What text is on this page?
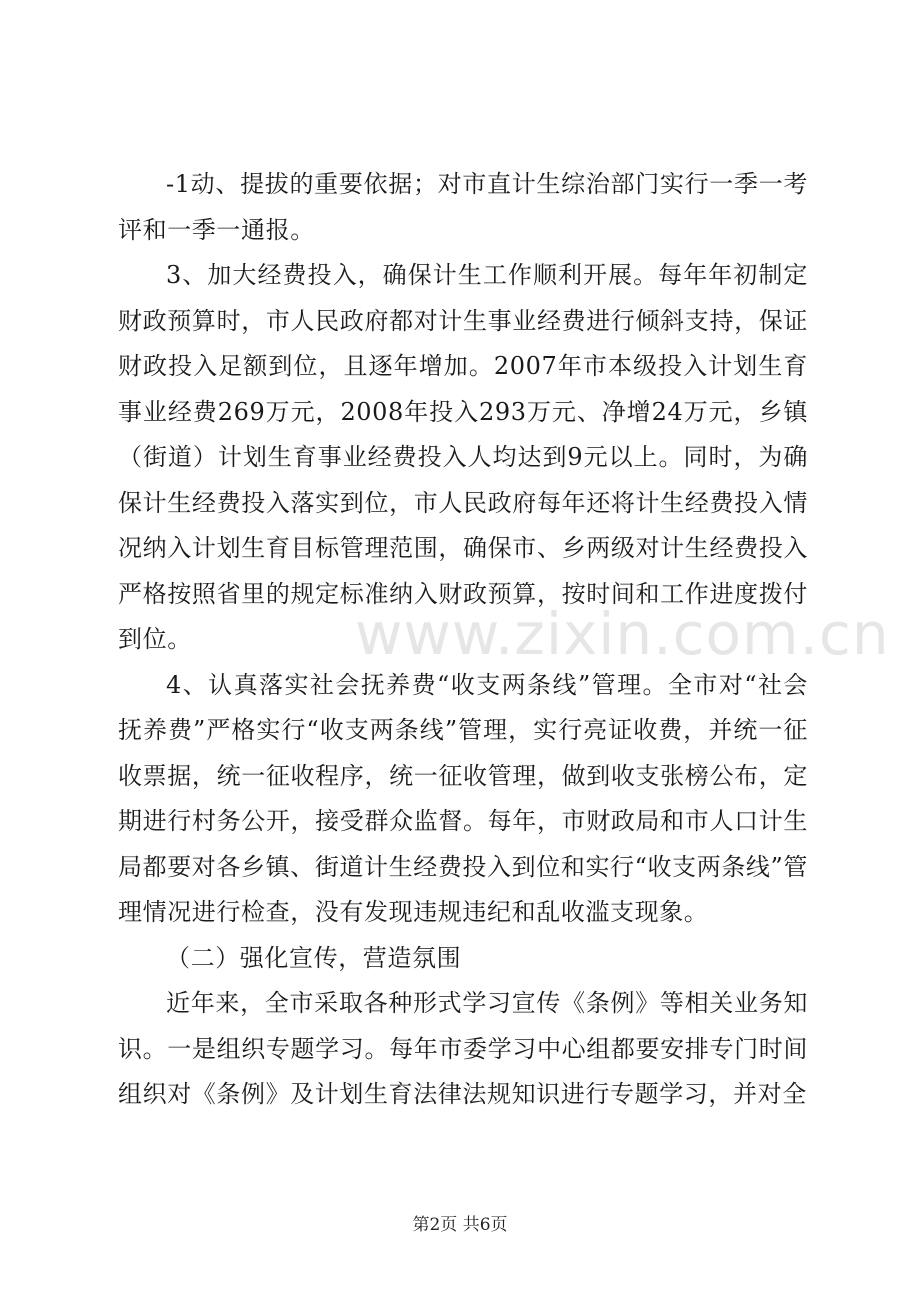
-1动、提拔的重要依据；对市直计生综治部门实行一季一考评和一季一通报。

3、加大经费投入，确保计生工作顺利开展。每年年初制定财政预算时，市人民政府都对计生事业经费进行倾斜支持，保证财政投入足额到位，且逐年增加。2007年市本级投入计划生育事业经费269万元，2008年投入293万元、净增24万元，乡镇（街道）计划生育事业经费投入人均达到9元以上。同时，为确保计生经费投入落实到位，市人民政府每年还将计生经费投入情况纳入计划生育目标管理范围，确保市、乡两级对计生经费投入严格按照省里的规定标准纳入财政预算，按时间和工作进度拨付到位。

4、认真落实社会抚养费“收支两条线”管理。全市对“社会抚养费”严格实行“收支两条线”管理，实行亮证收费，并统一征收票据，统一征收程序，统一征收管理，做到收支张榜公布，定期进行村务公开，接受群众监督。每年，市财政局和市人口计生局都要对各乡镇、街道计生经费投入到位和实行“收支两条线”管理情况进行检查，没有发现违规违纪和乱收滥支现象。

（二）强化宣传，营造氛围

近年来，全市采取各种形式学习宣传《条例》等相关业务知识。一是组织专题学习。每年市委学习中心组都要安排专门时间组织对《条例》及计划生育法律法规知识进行专题学习，并对全

www.zixin.com.cn
第2页 共6页
